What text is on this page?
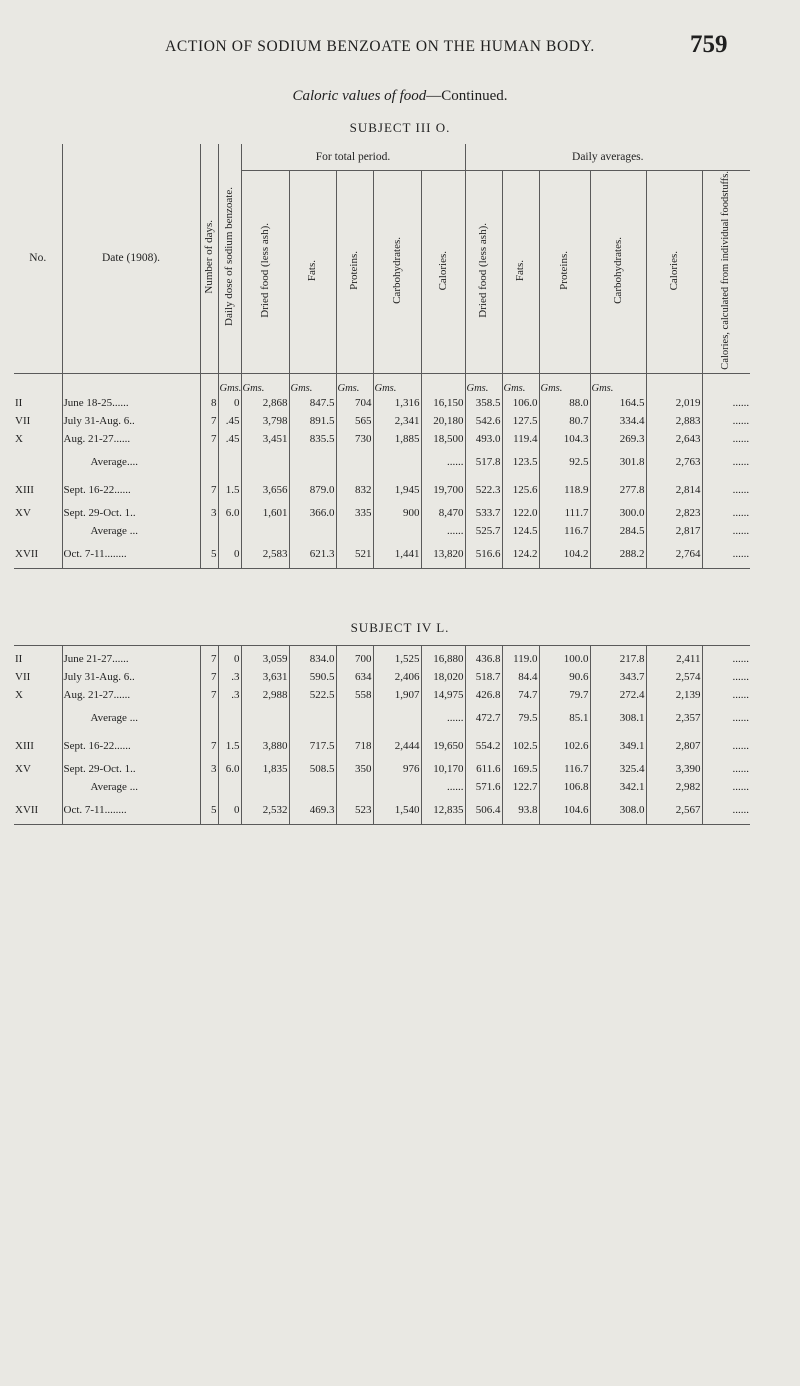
ACTION OF SODIUM BENZOATE ON THE HUMAN BODY.	759
Caloric values of food—Continued.
SUBJECT III O.
No.	Date (1908).	Number of days.	Daily dose of sodium benzoate.	For total period.					Daily averages.					
				Dried food (less ash).	Fats.	Proteins.	Carbohydrates.	Calories.	Dried food (less ash).	Fats.	Proteins.	Carbohydrates.	Calories.	Calories, calculated from individual foodstuffs.
			Gms.	Gms.	Gms.	Gms.	Gms.		Gms.	Gms.	Gms.	Gms.		
II	June 18-25......	8	0	2,868	847.5	704	1,316	16,150	358.5	106.0	88.0	164.5	2,019	......
VII	July 31-Aug. 6..	7	.45	3,798	891.5	565	2,341	20,180	542.6	127.5	80.7	334.4	2,883	......
X	Aug. 21-27......	7	.45	3,451	835.5	730	1,885	18,500	493.0	119.4	104.3	269.3	2,643	......
	Average....							......	517.8	123.5	92.5	301.8	2,763	......
XIII	Sept. 16-22......	7	1.5	3,656	879.0	832	1,945	19,700	522.3	125.6	118.9	277.8	2,814	......
XV	Sept. 29-Oct. 1..	3	6.0	1,601	366.0	335	900	8,470	533.7	122.0	111.7	300.0	2,823	......
	Average ...							......	525.7	124.5	116.7	284.5	2,817	......
XVII	Oct. 7-11........	5	0	2,583	621.3	521	1,441	13,820	516.6	124.2	104.2	288.2	2,764	......
SUBJECT IV L.

II	June 21-27......	7	0	3,059	834.0	700	1,525	16,880	436.8	119.0	100.0	217.8	2,411	......
VII	July 31-Aug. 6..	7	.3	3,631	590.5	634	2,406	18,020	518.7	84.4	90.6	343.7	2,574	......
X	Aug. 21-27......	7	.3	2,988	522.5	558	1,907	14,975	426.8	74.7	79.7	272.4	2,139	......
	Average ...							......	472.7	79.5	85.1	308.1	2,357	......
XIII	Sept. 16-22......	7	1.5	3,880	717.5	718	2,444	19,650	554.2	102.5	102.6	349.1	2,807	......
XV	Sept. 29-Oct. 1..	3	6.0	1,835	508.5	350	976	10,170	611.6	169.5	116.7	325.4	3,390	......
	Average ...							......	571.6	122.7	106.8	342.1	2,982	......
XVII	Oct. 7-11........	5	0	2,532	469.3	523	1,540	12,835	506.4	93.8	104.6	308.0	2,567	......
